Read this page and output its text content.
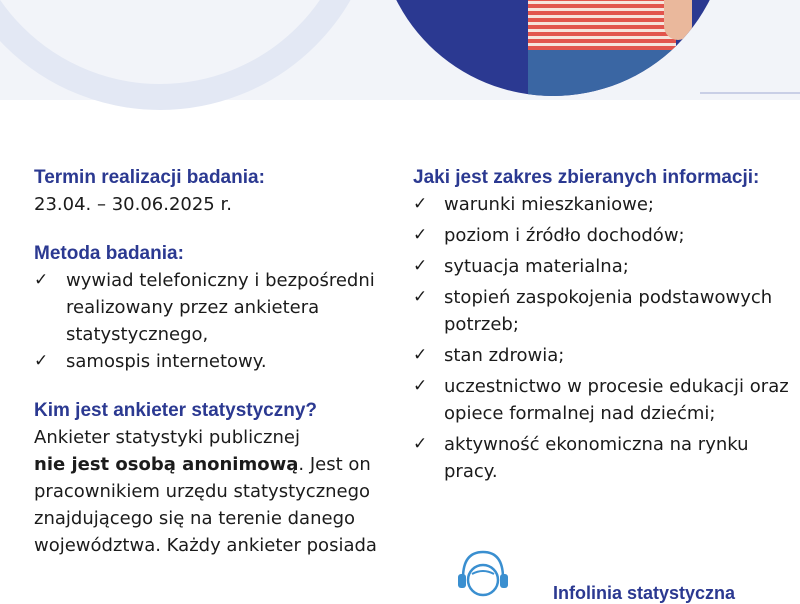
Termin realizacji badania:

23.04. – 30.06.2025 r.

Metoda badania:

✓ wywiad telefoniczny i bezpośredni realizowany przez ankietera statystycznego,
✓ samospis internetowy.

Kim jest ankieter statystyczny?

Ankieter statystyki publicznej
nie jest osobą anonimową. Jest on pracownikiem urzędu statystycznego znajdującego się na terenie danego województwa. Każdy ankieter posiada

Jaki jest zakres zbieranych informacji:

✓ warunki mieszkaniowe;
✓ poziom i źródło dochodów;
✓ sytuacja materialna;
✓ stopień zaspokojenia podstawowych potrzeb;
✓ stan zdrowia;
✓ uczestnictwo w procesie edukacji oraz opiece formalnej nad dziećmi;
✓ aktywność ekonomiczna na rynku pracy.
Infolinia statystyczna
